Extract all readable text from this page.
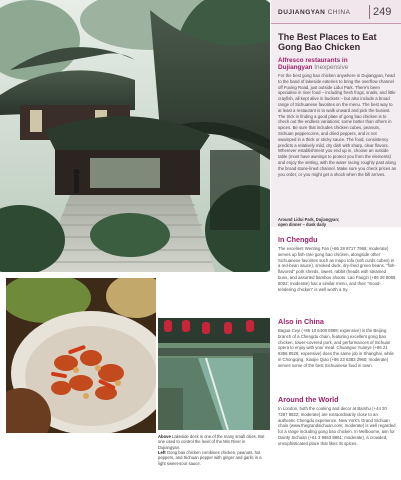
DUJIANGYAN CHINA 249
The Best Places to Eat
Gong Bao Chicken
Alfresco restaurants in
Dujiangyan Inexpensive
For the best gong bao chicken anywhere in Dujiangyan, head to the band of lakeside eateries to bring the overflow channel off Fuxing Road, just outside Lidui Park. There's been specialise in river food – including fresh frogs, snails, and little crayfish, all kept alive in buckets – but also include a broad range of Sichuanese favorites on the menu. The best way to at least a restaurant is to walk onward and pick the busiest. The trick in finding a good plate of gong bao chicken is to check out the endless variations; some better than others in spices. Be sure that includes chicken cubes, peanuts, Sichuan peppercorns, and dried peppers, and is not swamped in a thick or sticky sauce. The food, consistency predicts a relatively mild, dry dish with sharp, clear flavors. Wherever establishment you end up in, choose an outside table (most have awnings to protect you from the elements) and enjoy the setting, with the water racing roughly past along the broad stone-lined channel. Make sure you check prices as you order, or you might get a shock when the bill arrives.
Around Lidui Park, Dujiangyan;
open dinner – dusk daily
In Chengdu
The excellent Wenting Fan (+86 28 8717 7966; moderate) serves up fish-rare gong bao chicken, alongside other Sichuanese favorites such as mapo tofu (soft curds cubes) in a red-bean sauce), smoked duck, dry-fried green beans, "fish-flavored" pork shreds, sweet, rabbit (heads with steamed buns, and assorted bamboo shoots. Lao Fangzi (+86 28 8089 8002; moderate) has a similar menu, and their "mood-tendering chicken" is well worth a try.
Also in China
Bagua Ceyi (+86 10 6408 0888; expensive) is the Beijing branch of a Chengdu chain, featuring excellent gong bao chicken, tower-covered pork, and performances of Sichuan opera to enjoy with your meal. Chuanguo Yuanye (+86 21 6356 8526; expensive) does the same job in Shanghai, while in Chongqing, Xiaojie Qiao (+86 23 6383 2960; moderate) serves some of the best Sichuanese food in town.
Around the World
In London, both the cooking and decor at Barshu (+44 20 7287 8822; moderate) are extraordinarily close to an authentic Chengdu experience. New York's Grand Sichuan chain (www.thegrandsichuan.com; moderate) is well regarded for a range including gong bao chicken. In Melbourne, aim for Dainty Sichuan (+61 3 9663 8861; moderate), a crowded, unsophisticated place that likes its spices.
Above Lakeside deck is one of the many small cities. But one used to control the level of the Min River in Dujiangyan.
Left Gong bao chicken combines chicken, peanuts, hot peppers, and Sichuan pepper with ginger and garlic in a light sweet-sour sauce.
